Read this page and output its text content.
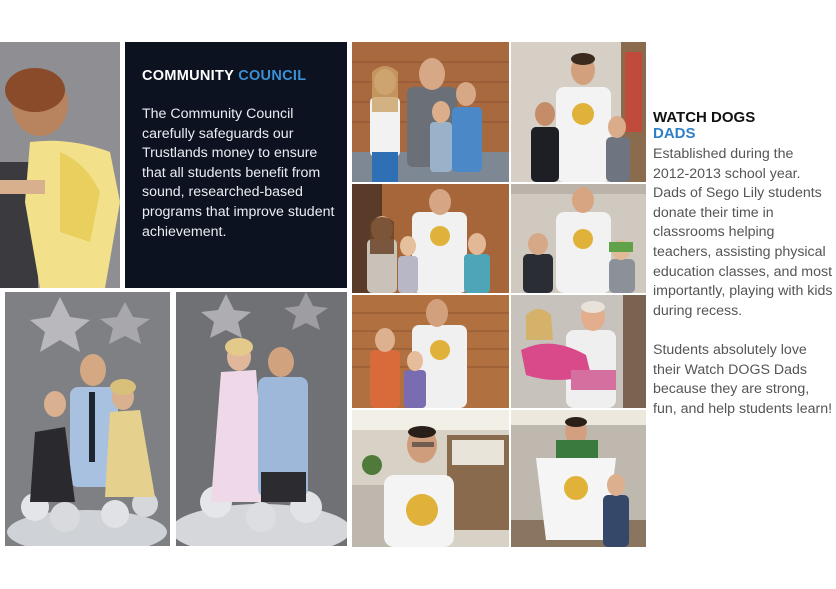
COMMUNITY COUNCIL
The Community Council carefully safeguards our Trustlands money to ensure that all students benefit from sound, researched-based programs that improve student achievement.
WATCH DOGS
DADS

Established during the 2012-2013 school year. Dads of Sego Lily students donate their time in classrooms helping teachers, assisting physical education classes, and most importantly, playing with kids during recess.

Students absolutely love their Watch DOGS Dads because they are strong, fun, and help students learn!
